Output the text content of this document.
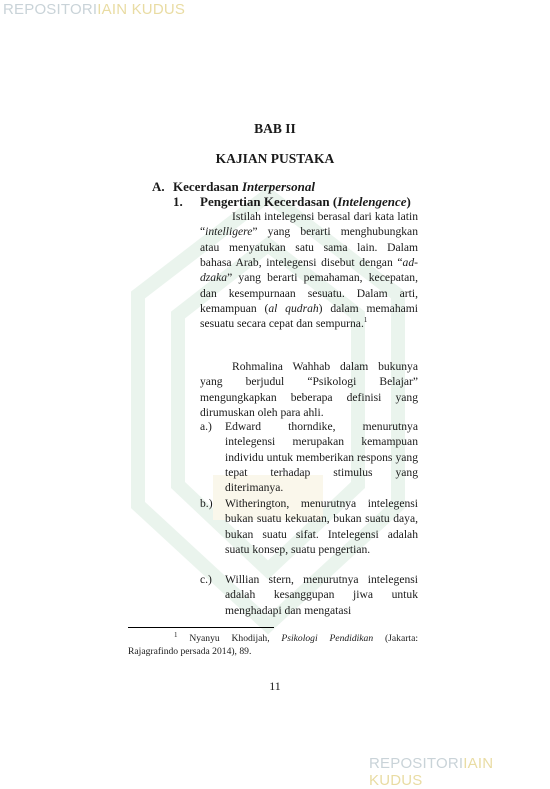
REPOSITORIIAIN KUDUS
BAB II
KAJIAN PUSTAKA
A. Kecerdasan Interpersonal
1. Pengertian Kecerdasan (Intelengence)

Istilah intelegensi berasal dari kata latin “intelligere” yang berarti menghubungkan atau menyatukan satu sama lain. Dalam bahasa Arab, intelegensi disebut dengan “ad-dzaka” yang berarti pemahaman, kecepatan, dan kesempurnaan sesuatu. Dalam arti, kemampuan (al qudrah) dalam memahami sesuatu secara cepat dan sempurna.$^1$

Rohmalina Wahhab dalam bukunya yang berjudul “Psikologi Belajar” mengungkapkan beberapa definisi yang dirumuskan oleh para ahli.

a.)	Edward thorndike, menurutnya intelegensi merupakan kemampuan individu untuk memberikan respons yang tepat terhadap stimulus yang diterimanya.

b.)	Witherington, menurutnya intelegensi bukan suatu kekuatan, bukan suatu daya, bukan suatu sifat. Intelegensi adalah suatu konsep, suatu pengertian.

c.)	Willian stern, menurutnya intelegensi adalah kesanggupan jiwa untuk menghadapi dan mengatasi

$^1$ Nyanyu Khodijah, Psikologi Pendidikan (Jakarta: Rajagrafindo persada 2014), 89.

11
REPOSITORIIAIN KUDUS
